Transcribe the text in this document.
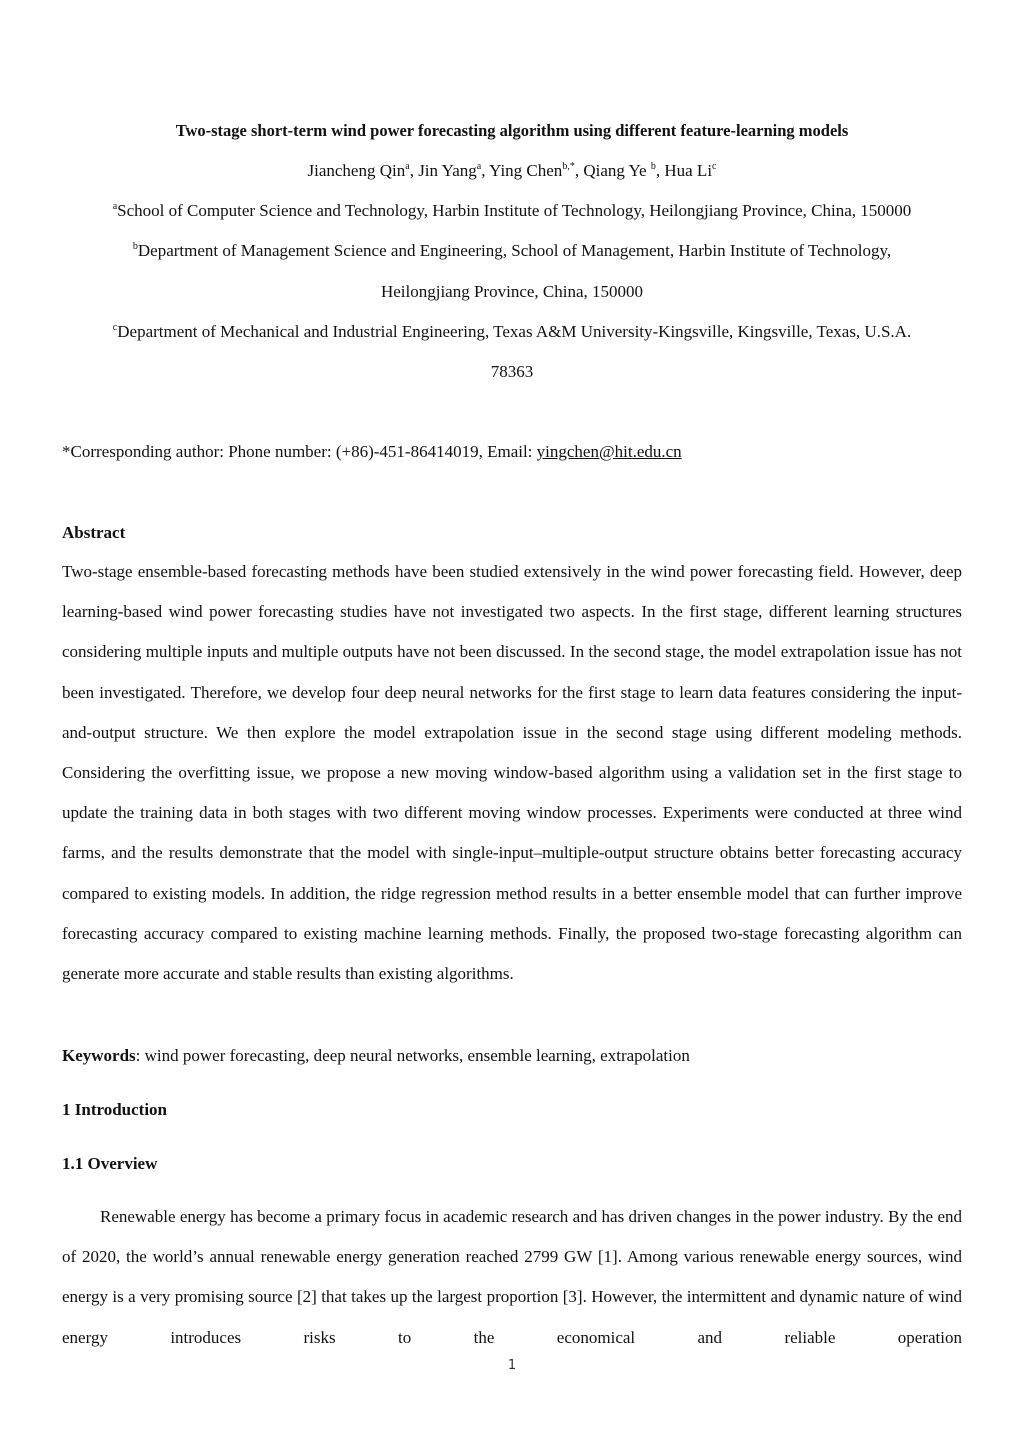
Two-stage short-term wind power forecasting algorithm using different feature-learning models
Jiancheng Qin$^a$, Jin Yang$^a$, Ying Chen$^{b,*}$, Qiang Ye $^b$, Hua Li$^c$
$^a$School of Computer Science and Technology, Harbin Institute of Technology, Heilongjiang Province, China, 150000
$^b$Department of Management Science and Engineering, School of Management, Harbin Institute of Technology,
Heilongjiang Province, China, 150000
$^c$Department of Mechanical and Industrial Engineering, Texas A&M University-Kingsville, Kingsville, Texas, U.S.A.
78363
*Corresponding author: Phone number: (+86)-451-86414019, Email: yingchen@hit.edu.cn
Abstract

Two-stage ensemble-based forecasting methods have been studied extensively in the wind power forecasting field. However, deep learning-based wind power forecasting studies have not investigated two aspects. In the first stage, different learning structures considering multiple inputs and multiple outputs have not been discussed. In the second stage, the model extrapolation issue has not been investigated. Therefore, we develop four deep neural networks for the first stage to learn data features considering the input-and-output structure. We then explore the model extrapolation issue in the second stage using different modeling methods. Considering the overfitting issue, we propose a new moving window-based algorithm using a validation set in the first stage to update the training data in both stages with two different moving window processes. Experiments were conducted at three wind farms, and the results demonstrate that the model with single-input–multiple-output structure obtains better forecasting accuracy compared to existing models. In addition, the ridge regression method results in a better ensemble model that can further improve forecasting accuracy compared to existing machine learning methods. Finally, the proposed two-stage forecasting algorithm can generate more accurate and stable results than existing algorithms.

Keywords: wind power forecasting, deep neural networks, ensemble learning, extrapolation
1 Introduction
1.1 Overview

Renewable energy has become a primary focus in academic research and has driven changes in the power industry. By the end of 2020, the world’s annual renewable energy generation reached 2799 GW [1]. Among various renewable energy sources, wind energy is a very promising source [2] that takes up the largest proportion [3]. However, the intermittent and dynamic nature of wind energy introduces risks to the economical and reliable operation

1
